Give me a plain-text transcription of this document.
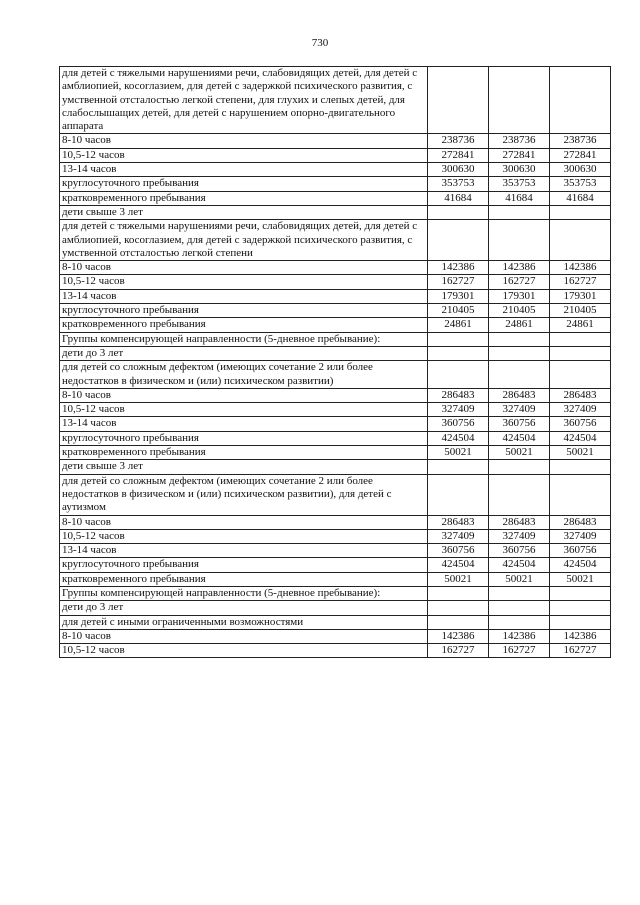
730
для детей с тяжелыми нарушениями речи, слабовидящих детей, для детей с амблиопией, косоглазием, для детей с задержкой психического развития, с умственной отсталостью легкой степени, для глухих и слепых детей, для слабослышащих детей, для детей с нарушением опорно-двигательного аппарата			
8-10 часов	238736	238736	238736
10,5-12 часов	272841	272841	272841
13-14 часов	300630	300630	300630
круглосуточного пребывания	353753	353753	353753
кратковременного пребывания	41684	41684	41684
дети свыше 3 лет			
для детей с тяжелыми нарушениями речи, слабовидящих детей, для детей с амблиопией, косоглазием, для детей с задержкой психического развития, с умственной отсталостью легкой степени			
8-10 часов	142386	142386	142386
10,5-12 часов	162727	162727	162727
13-14 часов	179301	179301	179301
круглосуточного пребывания	210405	210405	210405
кратковременного пребывания	24861	24861	24861
Группы компенсирующей направленности (5-дневное пребывание):			
дети до 3 лет			
для детей со сложным дефектом (имеющих сочетание 2 или более недостатков в физическом и (или) психическом развитии)			
8-10 часов	286483	286483	286483
10,5-12 часов	327409	327409	327409
13-14 часов	360756	360756	360756
круглосуточного пребывания	424504	424504	424504
кратковременного пребывания	50021	50021	50021
дети свыше 3 лет			
для детей со сложным дефектом (имеющих сочетание 2 или более недостатков в физическом и (или) психическом развитии), для детей с аутизмом			
8-10 часов	286483	286483	286483
10,5-12 часов	327409	327409	327409
13-14 часов	360756	360756	360756
круглосуточного пребывания	424504	424504	424504
кратковременного пребывания	50021	50021	50021
Группы компенсирующей направленности (5-дневное пребывание):			
дети до 3 лет			
для детей с иными ограниченными возможностями			
8-10 часов	142386	142386	142386
10,5-12 часов	162727	162727	162727
